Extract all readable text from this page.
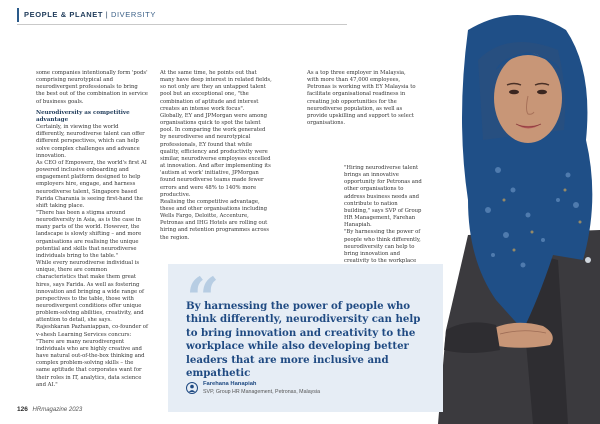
PEOPLE & PLANET | DIVERSITY

some companies intentionally form 'pods' comprising neurotypical and neurodivergent professionals to bring the best out of the combination in service of business goals.

Neurodiversity as competitive advantage

Certainly, in viewing the world differently, neurodiverse talent can offer different perspectives, which can help solve complex challenges and advance innovation.

As CEO of Empowerz, the world's first AI powered inclusive onboarding and engagement platform designed to help employers hire, engage, and harness neurodiverse talent, Singapore based Farida Charania is seeing first-hand the shift taking place.

"There has been a stigma around neurodiversity in Asia, as is the case in many parts of the world. However, the landscape is slowly shifting – and more organisations are realising the unique potential and skills that neurodiverse individuals bring to the table."

While every neurodiverse individual is unique, there are common characteristics that make them great hires, says Farida. As well as fostering innovation and bringing a wide range of perspectives to the table, those with neurodivergent conditions offer unique problem-solving abilities, creativity, and attention to detail, she says.

Rajeshkaran Pazhaniappan, co-founder of v-shesh Learning Services concurs: "There are many neurodivergent individuals who are highly creative and have natural out-of-the-box thinking and complex problem-solving skills – the same aptitude that corporates want for their roles in IT, analytics, data science and AI."

At the same time, he points out that many have deep interest in related fields, so not only are they an untapped talent pool but an exceptional one, "the combination of aptitude and interest creates an intense work focus".

Globally, EY and JPMorgan were among organisations quick to spot the talent pool. In comparing the work generated by neurodiverse and neurotypical professionals, EY found that while quality, efficiency and productivity were similar, neurodiverse employees excelled at innovation. And after implementing its 'autism at work' initiative, JPMorgan found neurodiverse teams made fewer errors and were 48% to 140% more productive.

Realising the competitive advantage, these and other organisations including Wells Fargo, Deloitte, Accenture, Petronas and IHG Hotels are rolling out hiring and retention programmes across the region.

As a top three employer in Malaysia, with more than 47,000 employees, Petronas is working with EY Malaysia to facilitate organisational readiness in creating job opportunities for the neurodiverse population, as well as provide upskilling and support to select organisations.

"Hiring neurodiverse talent brings an innovative opportunity for Petronas and other organisations to address business needs and contribute to nation building," says SVP of Group HR Management, Farehan Hanapiah.

"By harnessing the power of people who think differently, neurodiversity can help to bring innovation and creativity to the workplace

“
By harnessing the power of people who think differently, neurodiversity can help to bring innovation and creativity to the workplace while also developing better leaders that are more inclusive and empathetic
Farehana Hanapiah
SVP, Group HR Management, Petronas, Malaysia
126 HRmagazine 2023
